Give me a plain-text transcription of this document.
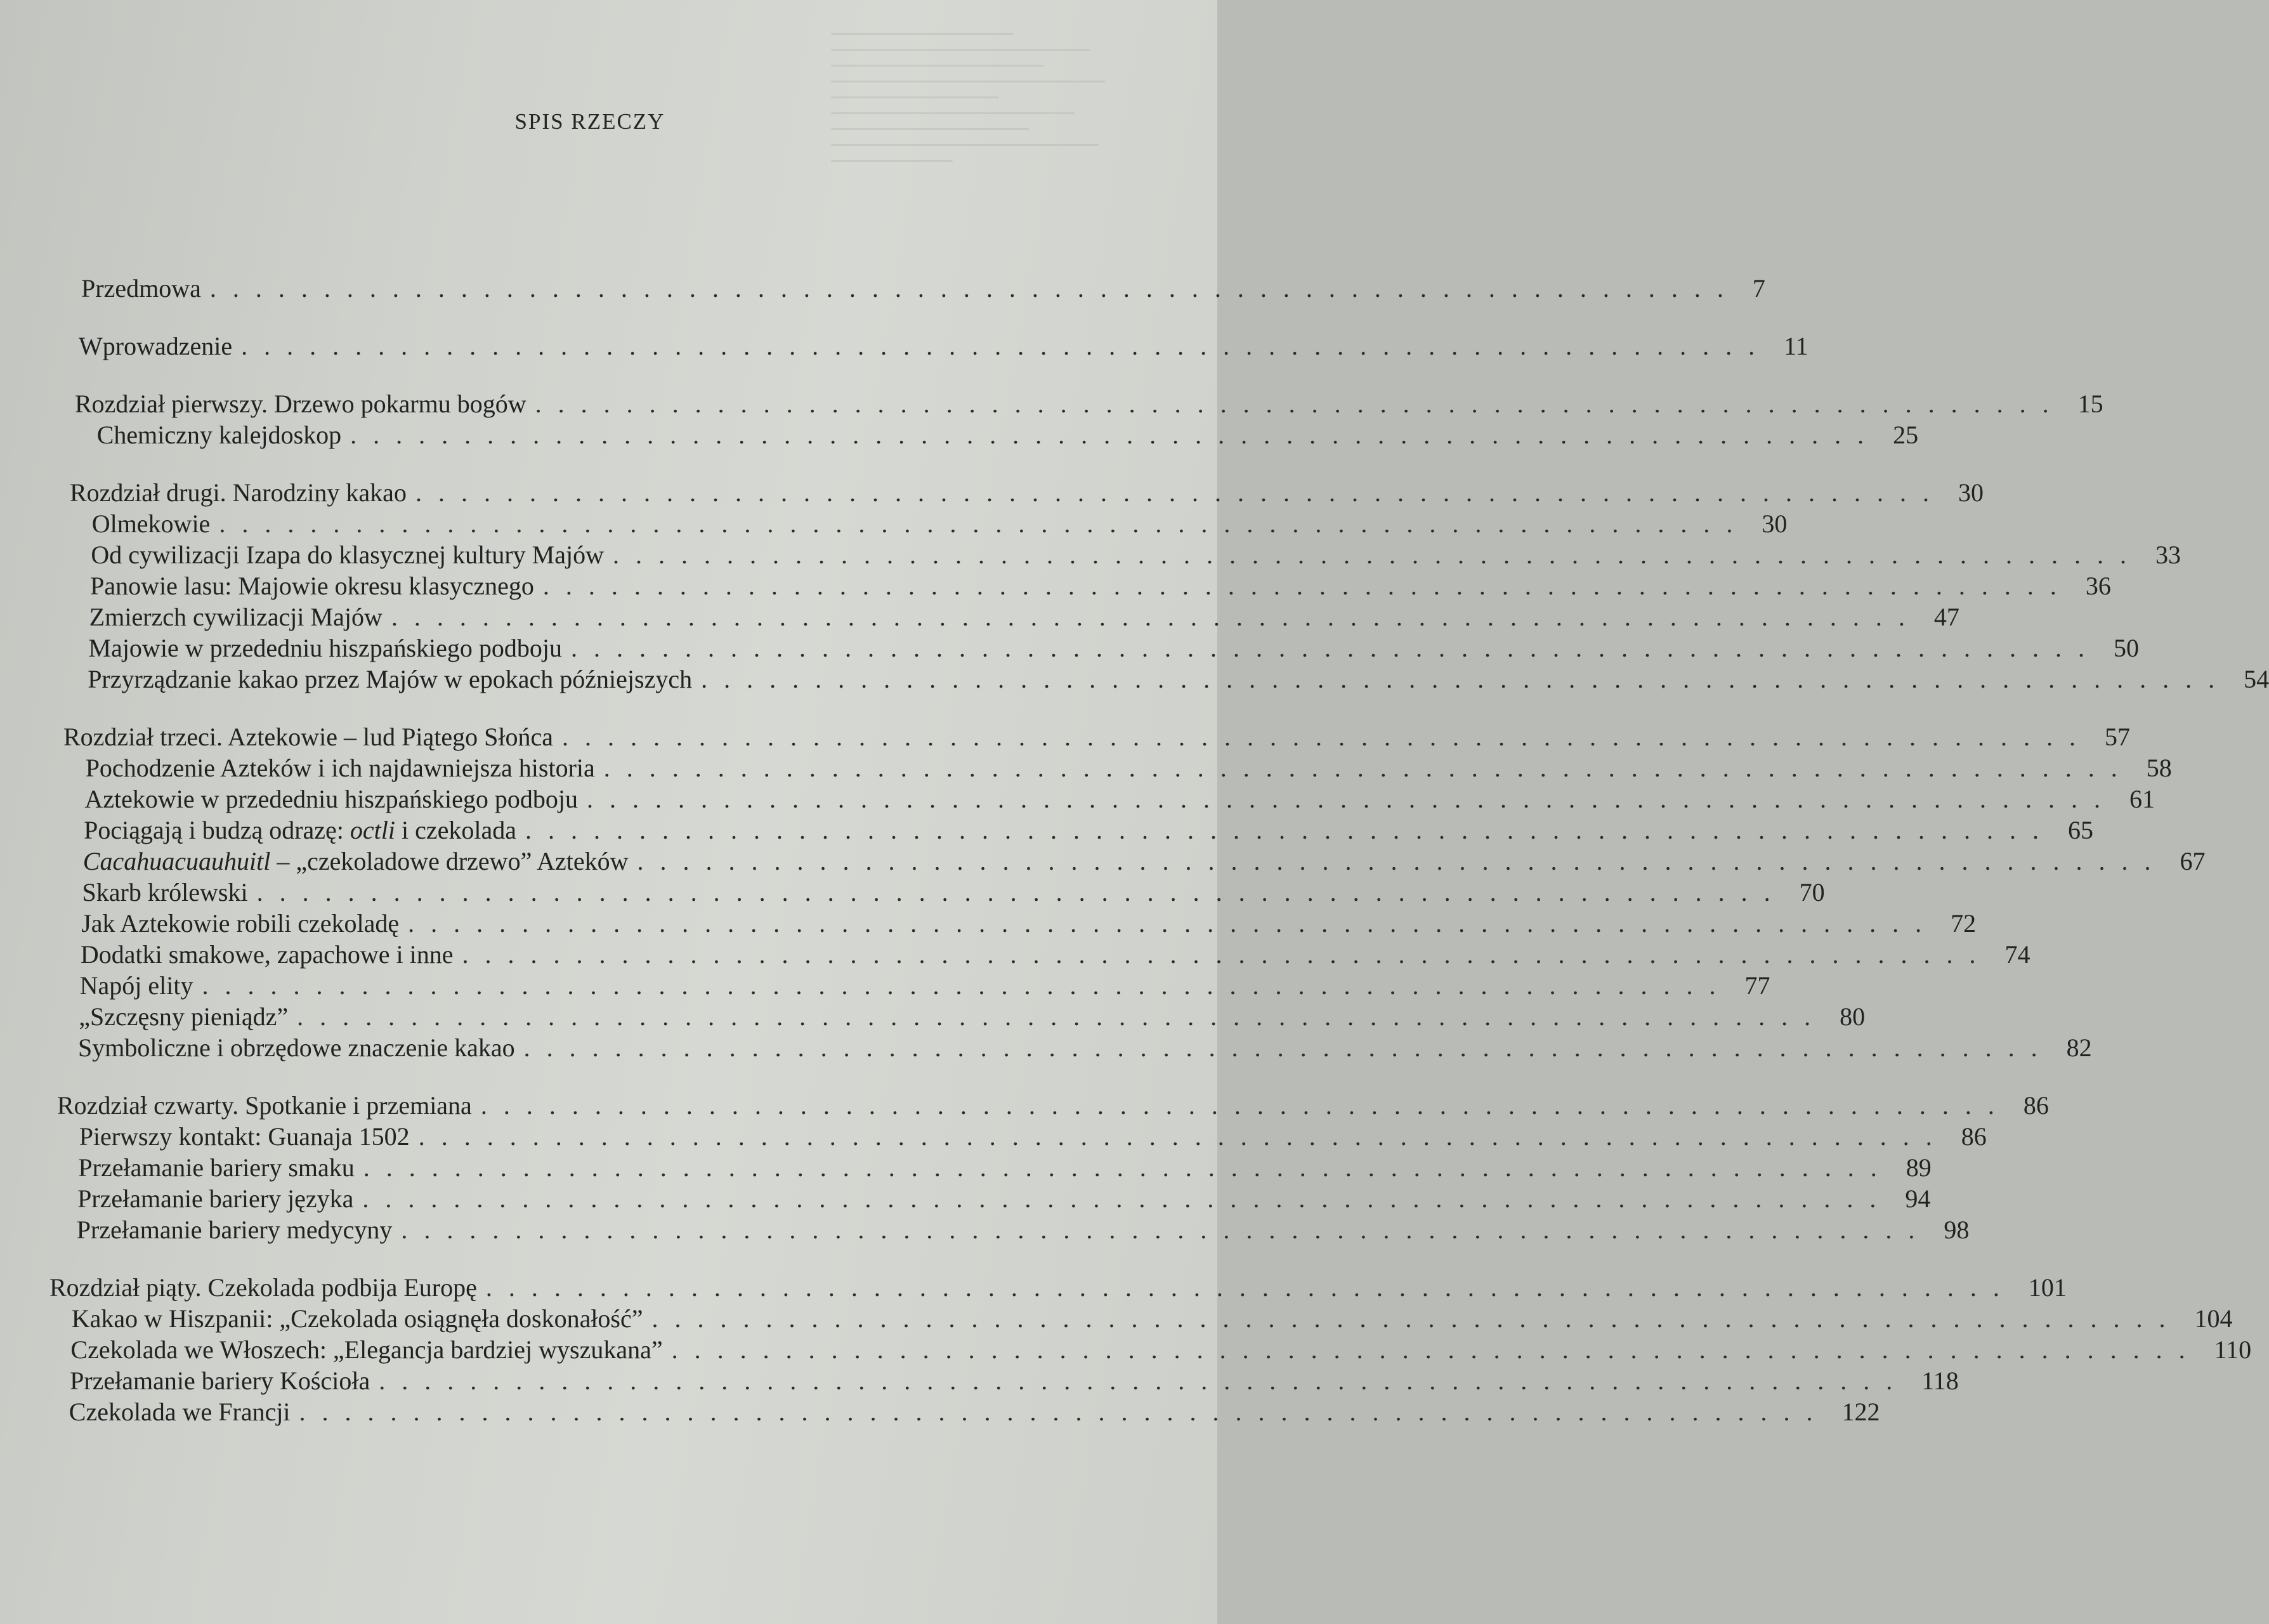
SPIS RZECZY
Przedmowa ................................................................... 7
Wprowadzenie ................................................................... 11
Rozdział pierwszy. Drzewo pokarmu bogów ................................................................... 15
Chemiczny kalejdoskop ................................................................... 25
Rozdział drugi. Narodziny kakao ................................................................... 30
Olmekowie ................................................................... 30
Od cywilizacji Izapa do klasycznej kultury Majów ................................................................... 33
Panowie lasu: Majowie okresu klasycznego ................................................................... 36
Zmierzch cywilizacji Majów ................................................................... 47
Majowie w przededniu hiszpańskiego podboju ................................................................... 50
Przyrządzanie kakao przez Majów w epokach późniejszych ................................................................... 54
Rozdział trzeci. Aztekowie – lud Piątego Słońca ................................................................... 57
Pochodzenie Azteków i ich najdawniejsza historia ................................................................... 58
Aztekowie w przededniu hiszpańskiego podboju ................................................................... 61
Pociągają i budzą odrazę: octli i czekolada ................................................................... 65
Cacahuacuauhuitl – „czekoladowe drzewo” Azteków ................................................................... 67
Skarb królewski ................................................................... 70
Jak Aztekowie robili czekoladę ................................................................... 72
Dodatki smakowe, zapachowe i inne ................................................................... 74
Napój elity ................................................................... 77
„Szczęsny pieniądz” ................................................................... 80
Symboliczne i obrzędowe znaczenie kakao ................................................................... 82
Rozdział czwarty. Spotkanie i przemiana ................................................................... 86
Pierwszy kontakt: Guanaja 1502 ................................................................... 86
Przełamanie bariery smaku ................................................................... 89
Przełamanie bariery języka ................................................................... 94
Przełamanie bariery medycyny ................................................................... 98
Rozdział piąty. Czekolada podbija Europę ................................................................... 101
Kakao w Hiszpanii: „Czekolada osiągnęła doskonałość” ................................................................... 104
Czekolada we Włoszech: „Elegancja bardziej wyszukana” ................................................................... 110
Przełamanie bariery Kościoła ................................................................... 118
Czekolada we Francji ................................................................... 122
